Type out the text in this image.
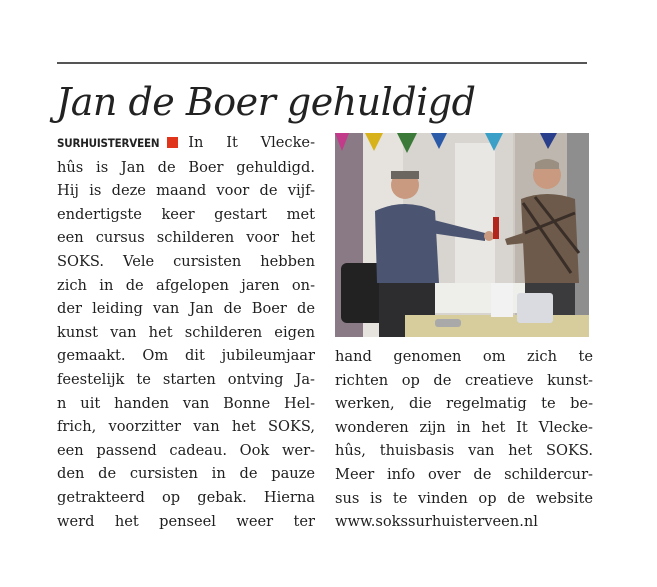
Jan de Boer gehuldigd
SURHUISTERVEEN In It Vlecke-
hûs is Jan de Boer gehuldigd.
Hij is deze maand voor de vijf-
endertigste keer gestart met
een cursus schilderen voor het
SOKS. Vele cursisten hebben
zich in de afgelopen jaren on-
der leiding van Jan de Boer de
kunst van het schilderen eigen
gemaakt. Om dit jubileumjaar
feestelijk te starten ontving Ja-
n uit handen van Bonne Hel-
frich, voorzitter van het SOKS,
een passend cadeau. Ook wer-
den de cursisten in de pauze
getrakteerd op gebak. Hierna
werd het penseel weer ter
hand genomen om zich te
richten op de creatieve kunst-
werken, die regelmatig te be-
wonderen zijn in het It Vlecke-
hûs, thuisbasis van het SOKS.
Meer info over de schildercur-
sus is te vinden op de website
www.sokssurhuisterveen.nl
